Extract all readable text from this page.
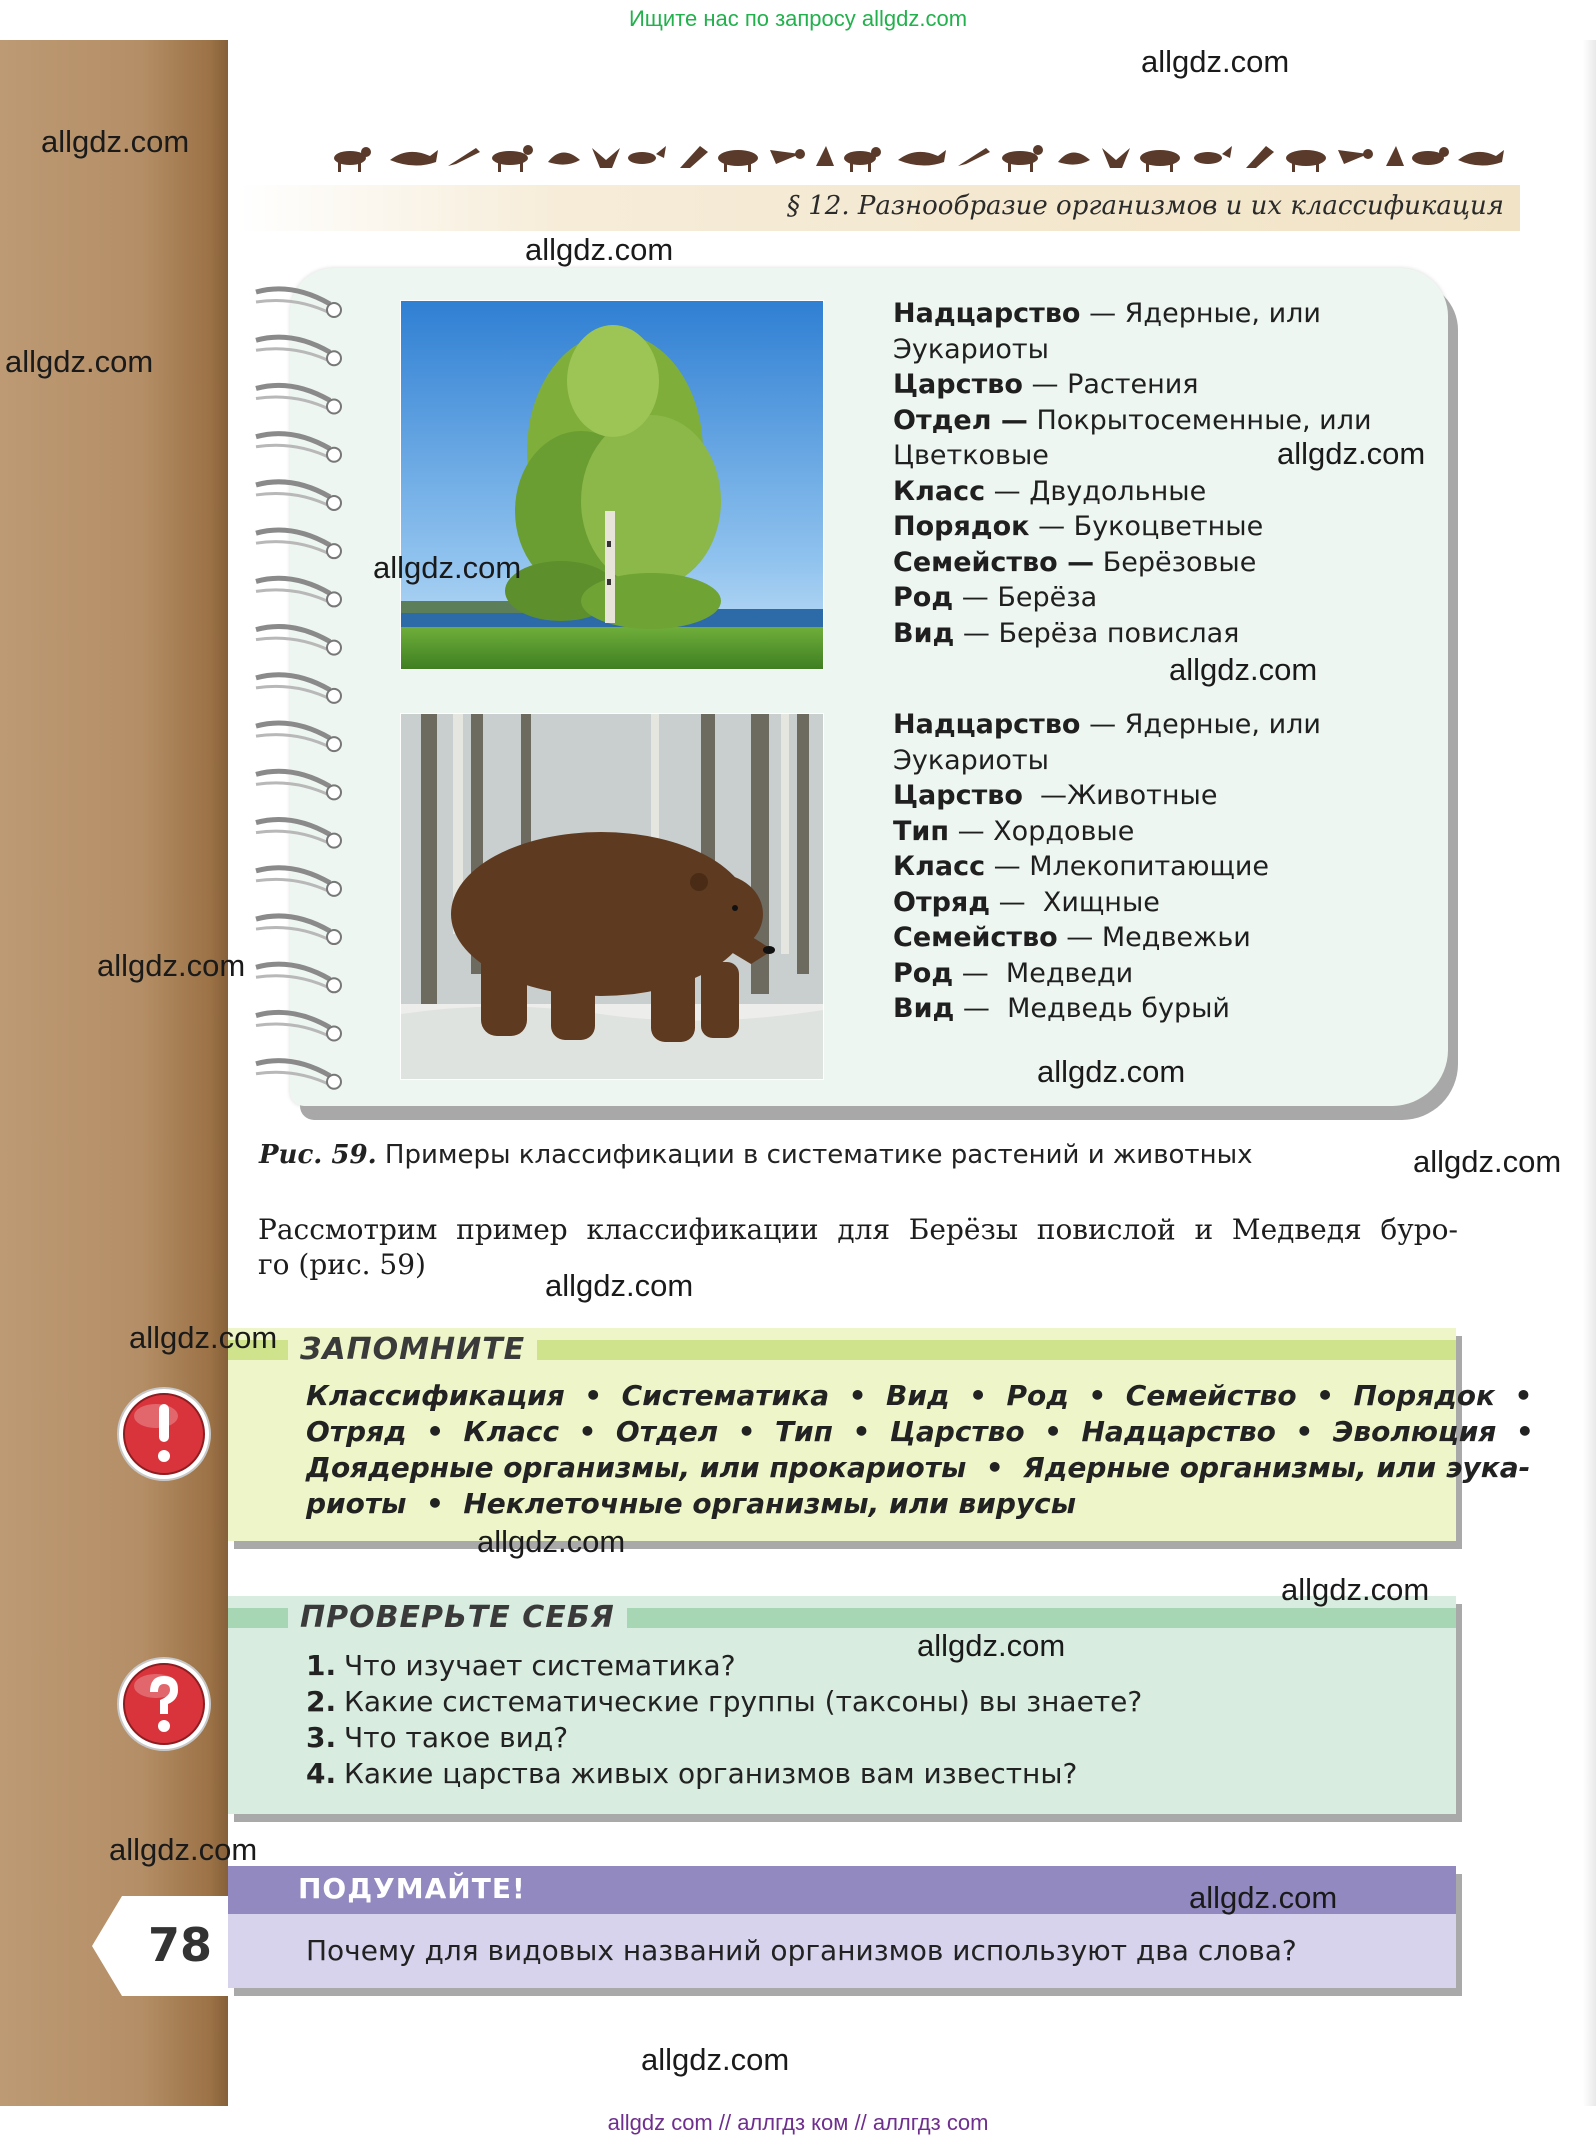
Ищите нас по запросу allgdz.com
§ 12. Разнообразие организмов и их классификация
Надцарство — Ядерные, или
Эукариоты
Царство — Растения
Отдел — Покрытосеменные, или
Цветковые
Класс — Двудольные
Порядок — Букоцветные
Семейство — Берёзовые
Род — Берёза
Вид — Берёза повислая
Надцарство — Ядерные, или
Эукариоты
Царство  —Животные
Тип — Хордовые
Класс — Млекопитающие
Отряд —  Хищные
Семейство — Медвежьи
Род —  Медведи
Вид —  Медведь бурый
Рис. 59. Примеры классификации в систематике растений и животных
Рассмотрим пример классификации для Берёзы повислой и Медведя буро-
го (рис. 59)
ЗАПОМНИТЕ
Классификация  •  Систематика  •  Вид  •  Род  •  Семейство  •  Порядок  •
Отряд  •  Класс  •  Отдел  •  Тип  •  Царство  •  Надцарство  •  Эволюция  •
Доядерные организмы, или прокариоты  •  Ядерные организмы, или эука-
риоты  •  Неклеточные организмы, или вирусы
ПРОВЕРЬТЕ СЕБЯ
1. Что изучает систематика?
2. Какие систематические группы (таксоны) вы знаете?
3. Что такое вид?
4. Какие царства живых организмов вам известны?
ПОДУМАЙТЕ!
Почему для видовых названий организмов используют два слова?
78
allgdz.com
allgdz.com
allgdz.com
allgdz.com
allgdz.com
allgdz.com
allgdz.com
allgdz.com
allgdz.com
allgdz.com
allgdz.com
allgdz.com
allgdz.com
allgdz.com
allgdz.com
allgdz.com
allgdz.com
allgdz.com
allgdz com // аллгдз ком // аллгдз com
